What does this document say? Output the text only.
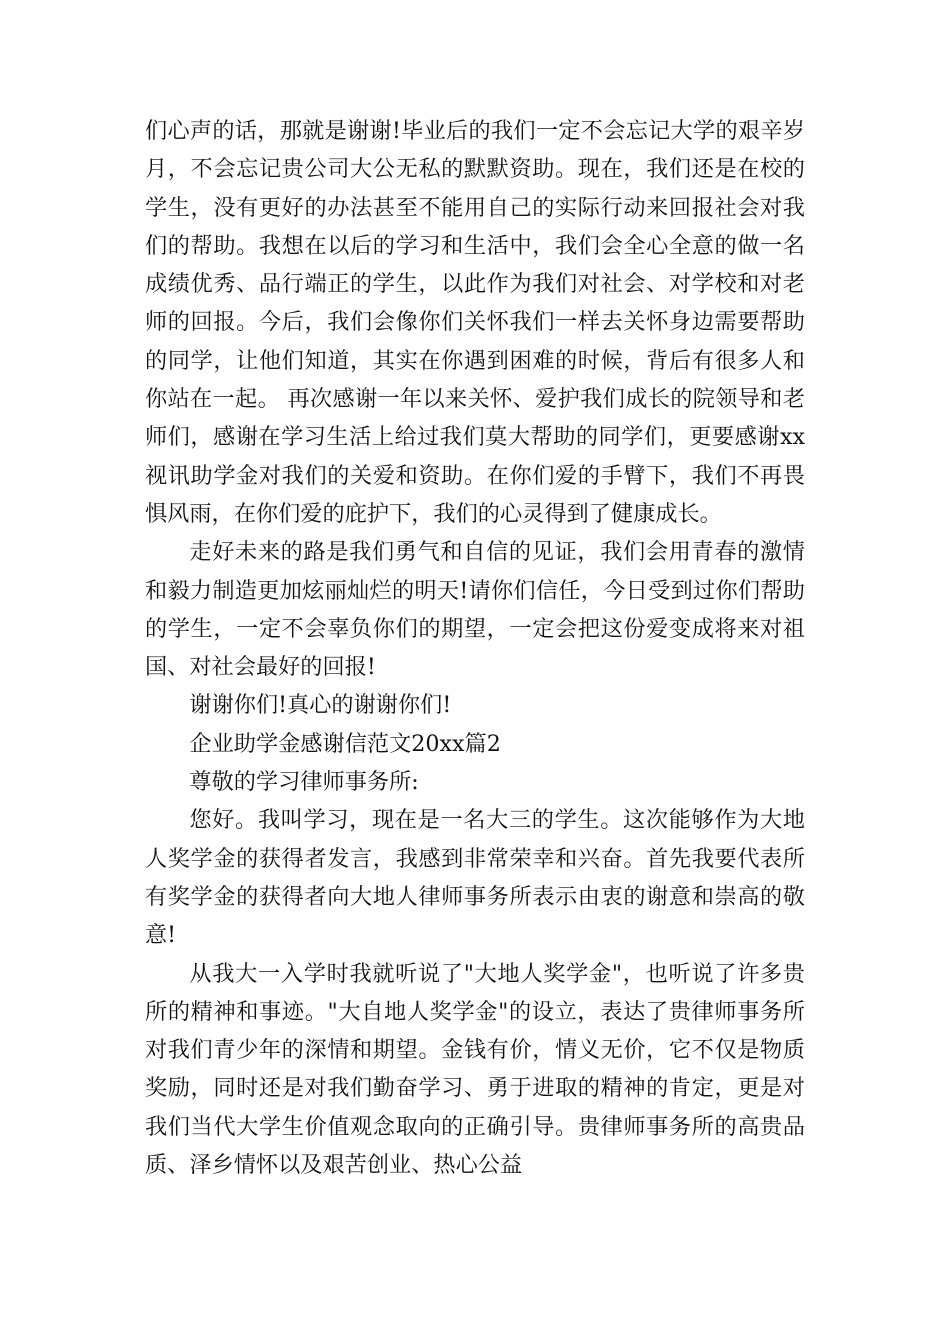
们心声的话，那就是谢谢!毕业后的我们一定不会忘记大学的艰辛岁月，不会忘记贵公司大公无私的默默资助。现在，我们还是在校的学生，没有更好的办法甚至不能用自己的实际行动来回报社会对我们的帮助。我想在以后的学习和生活中，我们会全心全意的做一名成绩优秀、品行端正的学生，以此作为我们对社会、对学校和对老师的回报。今后，我们会像你们关怀我们一样去关怀身边需要帮助的同学，让他们知道，其实在你遇到困难的时候，背后有很多人和你站在一起。 再次感谢一年以来关怀、爱护我们成长的院领导和老师们，感谢在学习生活上给过我们莫大帮助的同学们，更要感谢xx视讯助学金对我们的关爱和资助。在你们爱的手臂下，我们不再畏惧风雨，在你们爱的庇护下，我们的心灵得到了健康成长。

走好未来的路是我们勇气和自信的见证，我们会用青春的激情和毅力制造更加炫丽灿烂的明天!请你们信任，今日受到过你们帮助的学生，一定不会辜负你们的期望，一定会把这份爱变成将来对祖国、对社会最好的回报!

谢谢你们!真心的谢谢你们!

企业助学金感谢信范文20xx篇2

尊敬的学习律师事务所:

您好。我叫学习，现在是一名大三的学生。这次能够作为大地人奖学金的获得者发言，我感到非常荣幸和兴奋。首先我要代表所有奖学金的获得者向大地人律师事务所表示由衷的谢意和崇高的敬意!

从我大一入学时我就听说了"大地人奖学金"，也听说了许多贵所的精神和事迹。"大自地人奖学金"的设立，表达了贵律师事务所对我们青少年的深情和期望。金钱有价，情义无价，它不仅是物质奖励，同时还是对我们勤奋学习、勇于进取的精神的肯定，更是对我们当代大学生价值观念取向的正确引导。贵律师事务所的高贵品质、泽乡情怀以及艰苦创业、热心公益
